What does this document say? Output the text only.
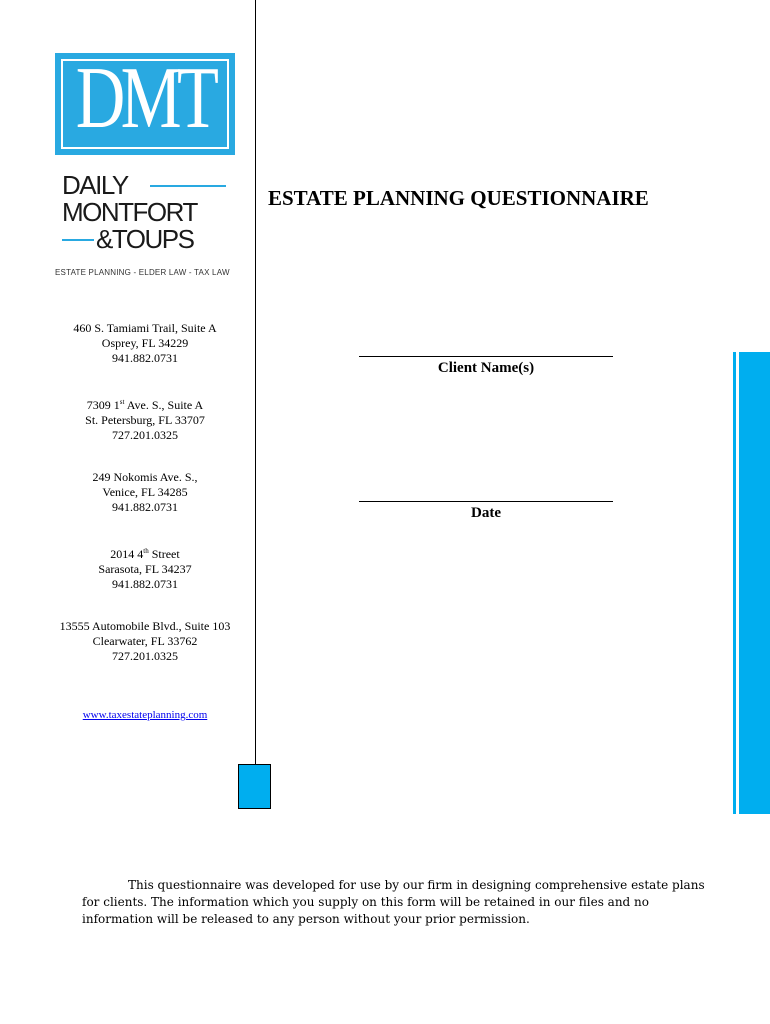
DMT
DAILY
MONTFORT
&TOUPS
ESTATE PLANNING - ELDER LAW - TAX LAW
460 S. Tamiami Trail, Suite A
Osprey, FL 34229
941.882.0731
7309 1st Ave. S., Suite A
St. Petersburg, FL 33707
727.201.0325
249 Nokomis Ave. S.,
Venice, FL 34285
941.882.0731
2014 4th Street
Sarasota, FL 34237
941.882.0731
13555 Automobile Blvd., Suite 103
Clearwater, FL 33762
727.201.0325
www.taxestateplanning.com
ESTATE PLANNING QUESTIONNAIRE
Client Name(s)
Date
This questionnaire was developed for use by our firm in designing comprehensive estate plans for clients. The information which you supply on this form will be retained in our files and no information will be released to any person without your prior permission.
